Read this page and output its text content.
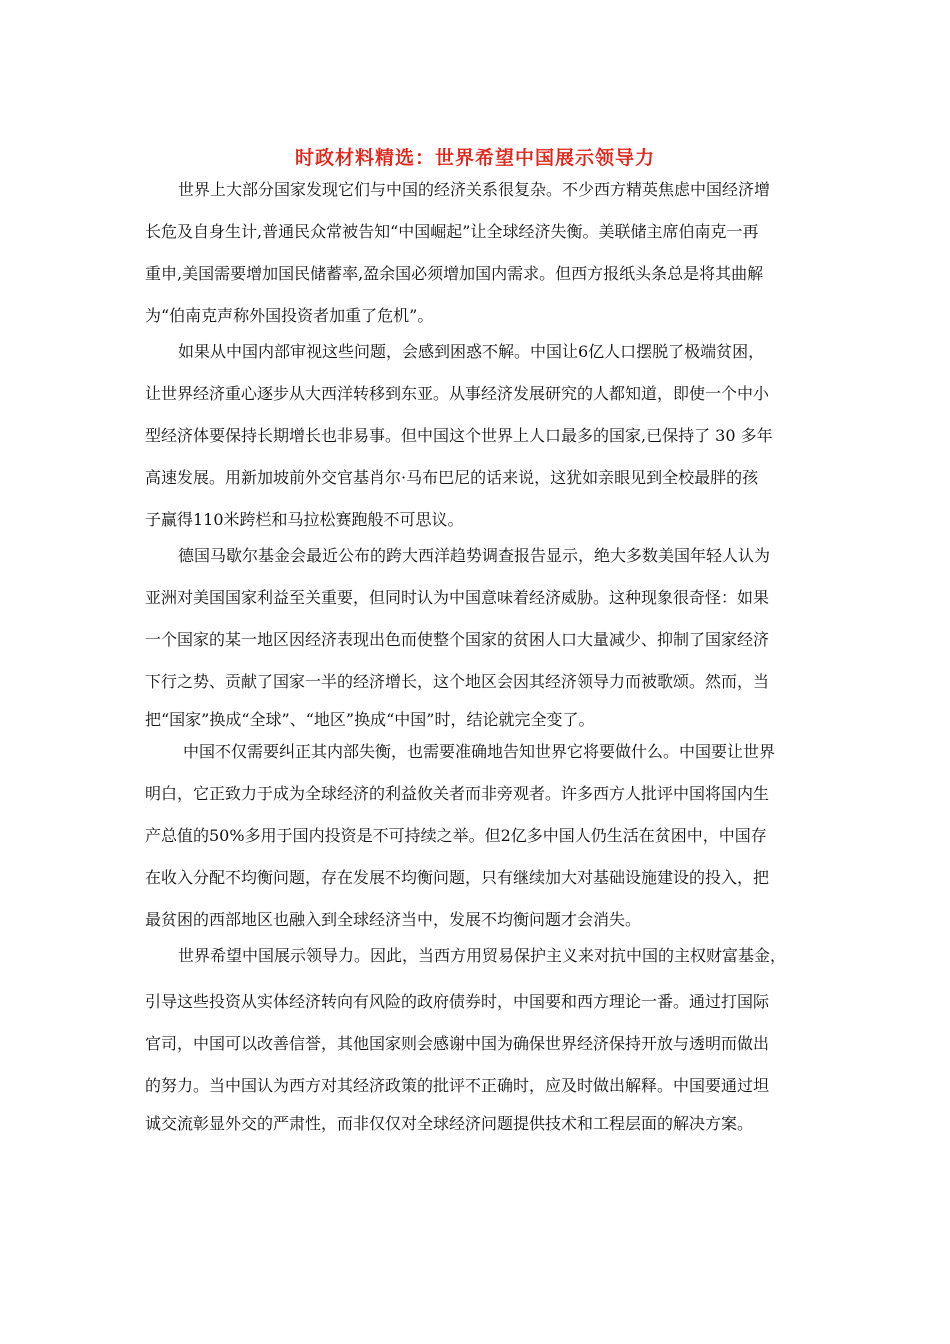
时政材料精选：世界希望中国展示领导力
世界上大部分国家发现它们与中国的经济关系很复杂。不少西方精英焦虑中国经济增
长危及自身生计,普通民众常被告知“中国崛起”让全球经济失衡。美联储主席伯南克一再
重申,美国需要增加国民储蓄率,盈余国必须增加国内需求。但西方报纸头条总是将其曲解
为“伯南克声称外国投资者加重了危机”。
如果从中国内部审视这些问题，会感到困惑不解。中国让6亿人口摆脱了极端贫困，
让世界经济重心逐步从大西洋转移到东亚。从事经济发展研究的人都知道，即使一个中小
型经济体要保持长期增长也非易事。但中国这个世界上人口最多的国家,已保持了 30 多年
高速发展。用新加坡前外交官基肖尔·马布巴尼的话来说，这犹如亲眼见到全校最胖的孩
子赢得110米跨栏和马拉松赛跑般不可思议。
德国马歇尔基金会最近公布的跨大西洋趋势调查报告显示，绝大多数美国年轻人认为
亚洲对美国国家利益至关重要，但同时认为中国意味着经济威胁。这种现象很奇怪：如果
一个国家的某一地区因经济表现出色而使整个国家的贫困人口大量减少、抑制了国家经济
下行之势、贡献了国家一半的经济增长，这个地区会因其经济领导力而被歌颂。然而，当
把“国家”换成“全球”、“地区”换成“中国”时，结论就完全变了。
中国不仅需要纠正其内部失衡，也需要准确地告知世界它将要做什么。中国要让世界
明白，它正致力于成为全球经济的利益攸关者而非旁观者。许多西方人批评中国将国内生
产总值的50%多用于国内投资是不可持续之举。但2亿多中国人仍生活在贫困中，中国存
在收入分配不均衡问题，存在发展不均衡问题，只有继续加大对基础设施建设的投入，把
最贫困的西部地区也融入到全球经济当中，发展不均衡问题才会消失。
世界希望中国展示领导力。因此，当西方用贸易保护主义来对抗中国的主权财富基金，
引导这些投资从实体经济转向有风险的政府债券时，中国要和西方理论一番。通过打国际
官司，中国可以改善信誉，其他国家则会感谢中国为确保世界经济保持开放与透明而做出
的努力。当中国认为西方对其经济政策的批评不正确时，应及时做出解释。中国要通过坦
诚交流彰显外交的严肃性，而非仅仅对全球经济问题提供技术和工程层面的解决方案。
